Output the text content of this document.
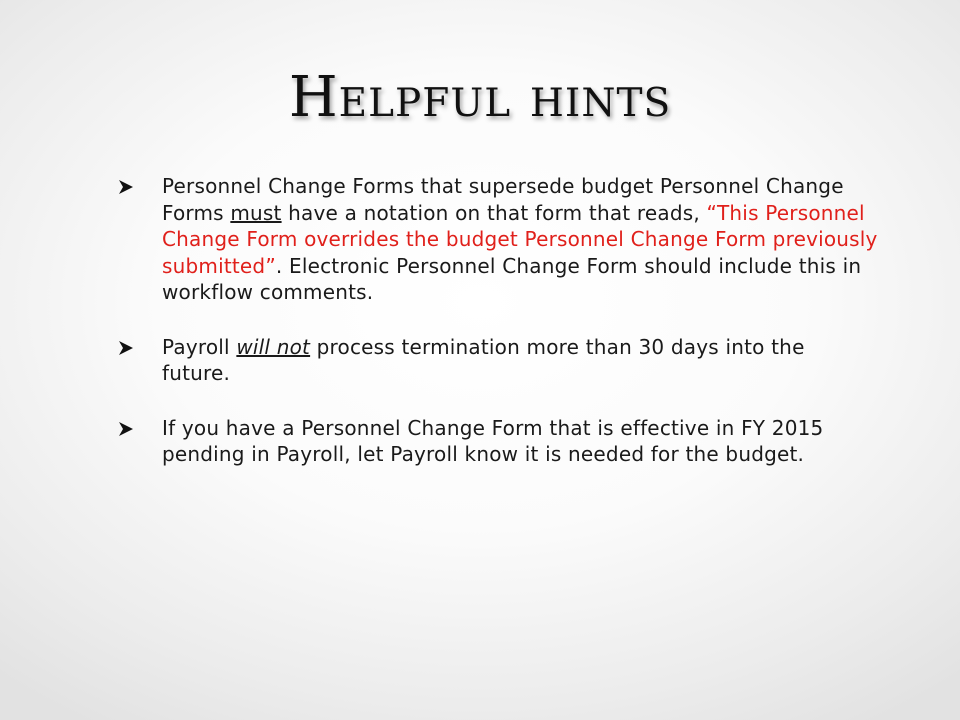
Helpful hints
Personnel Change Forms that supersede budget Personnel Change Forms must have a notation on that form that reads, “This Personnel Change Form overrides the budget Personnel Change Form previously submitted”. Electronic Personnel Change Form should include this in workflow comments.
Payroll will not process termination more than 30 days into the future.
If you have a Personnel Change Form that is effective in FY 2015 pending in Payroll, let Payroll know it is needed for the budget.
